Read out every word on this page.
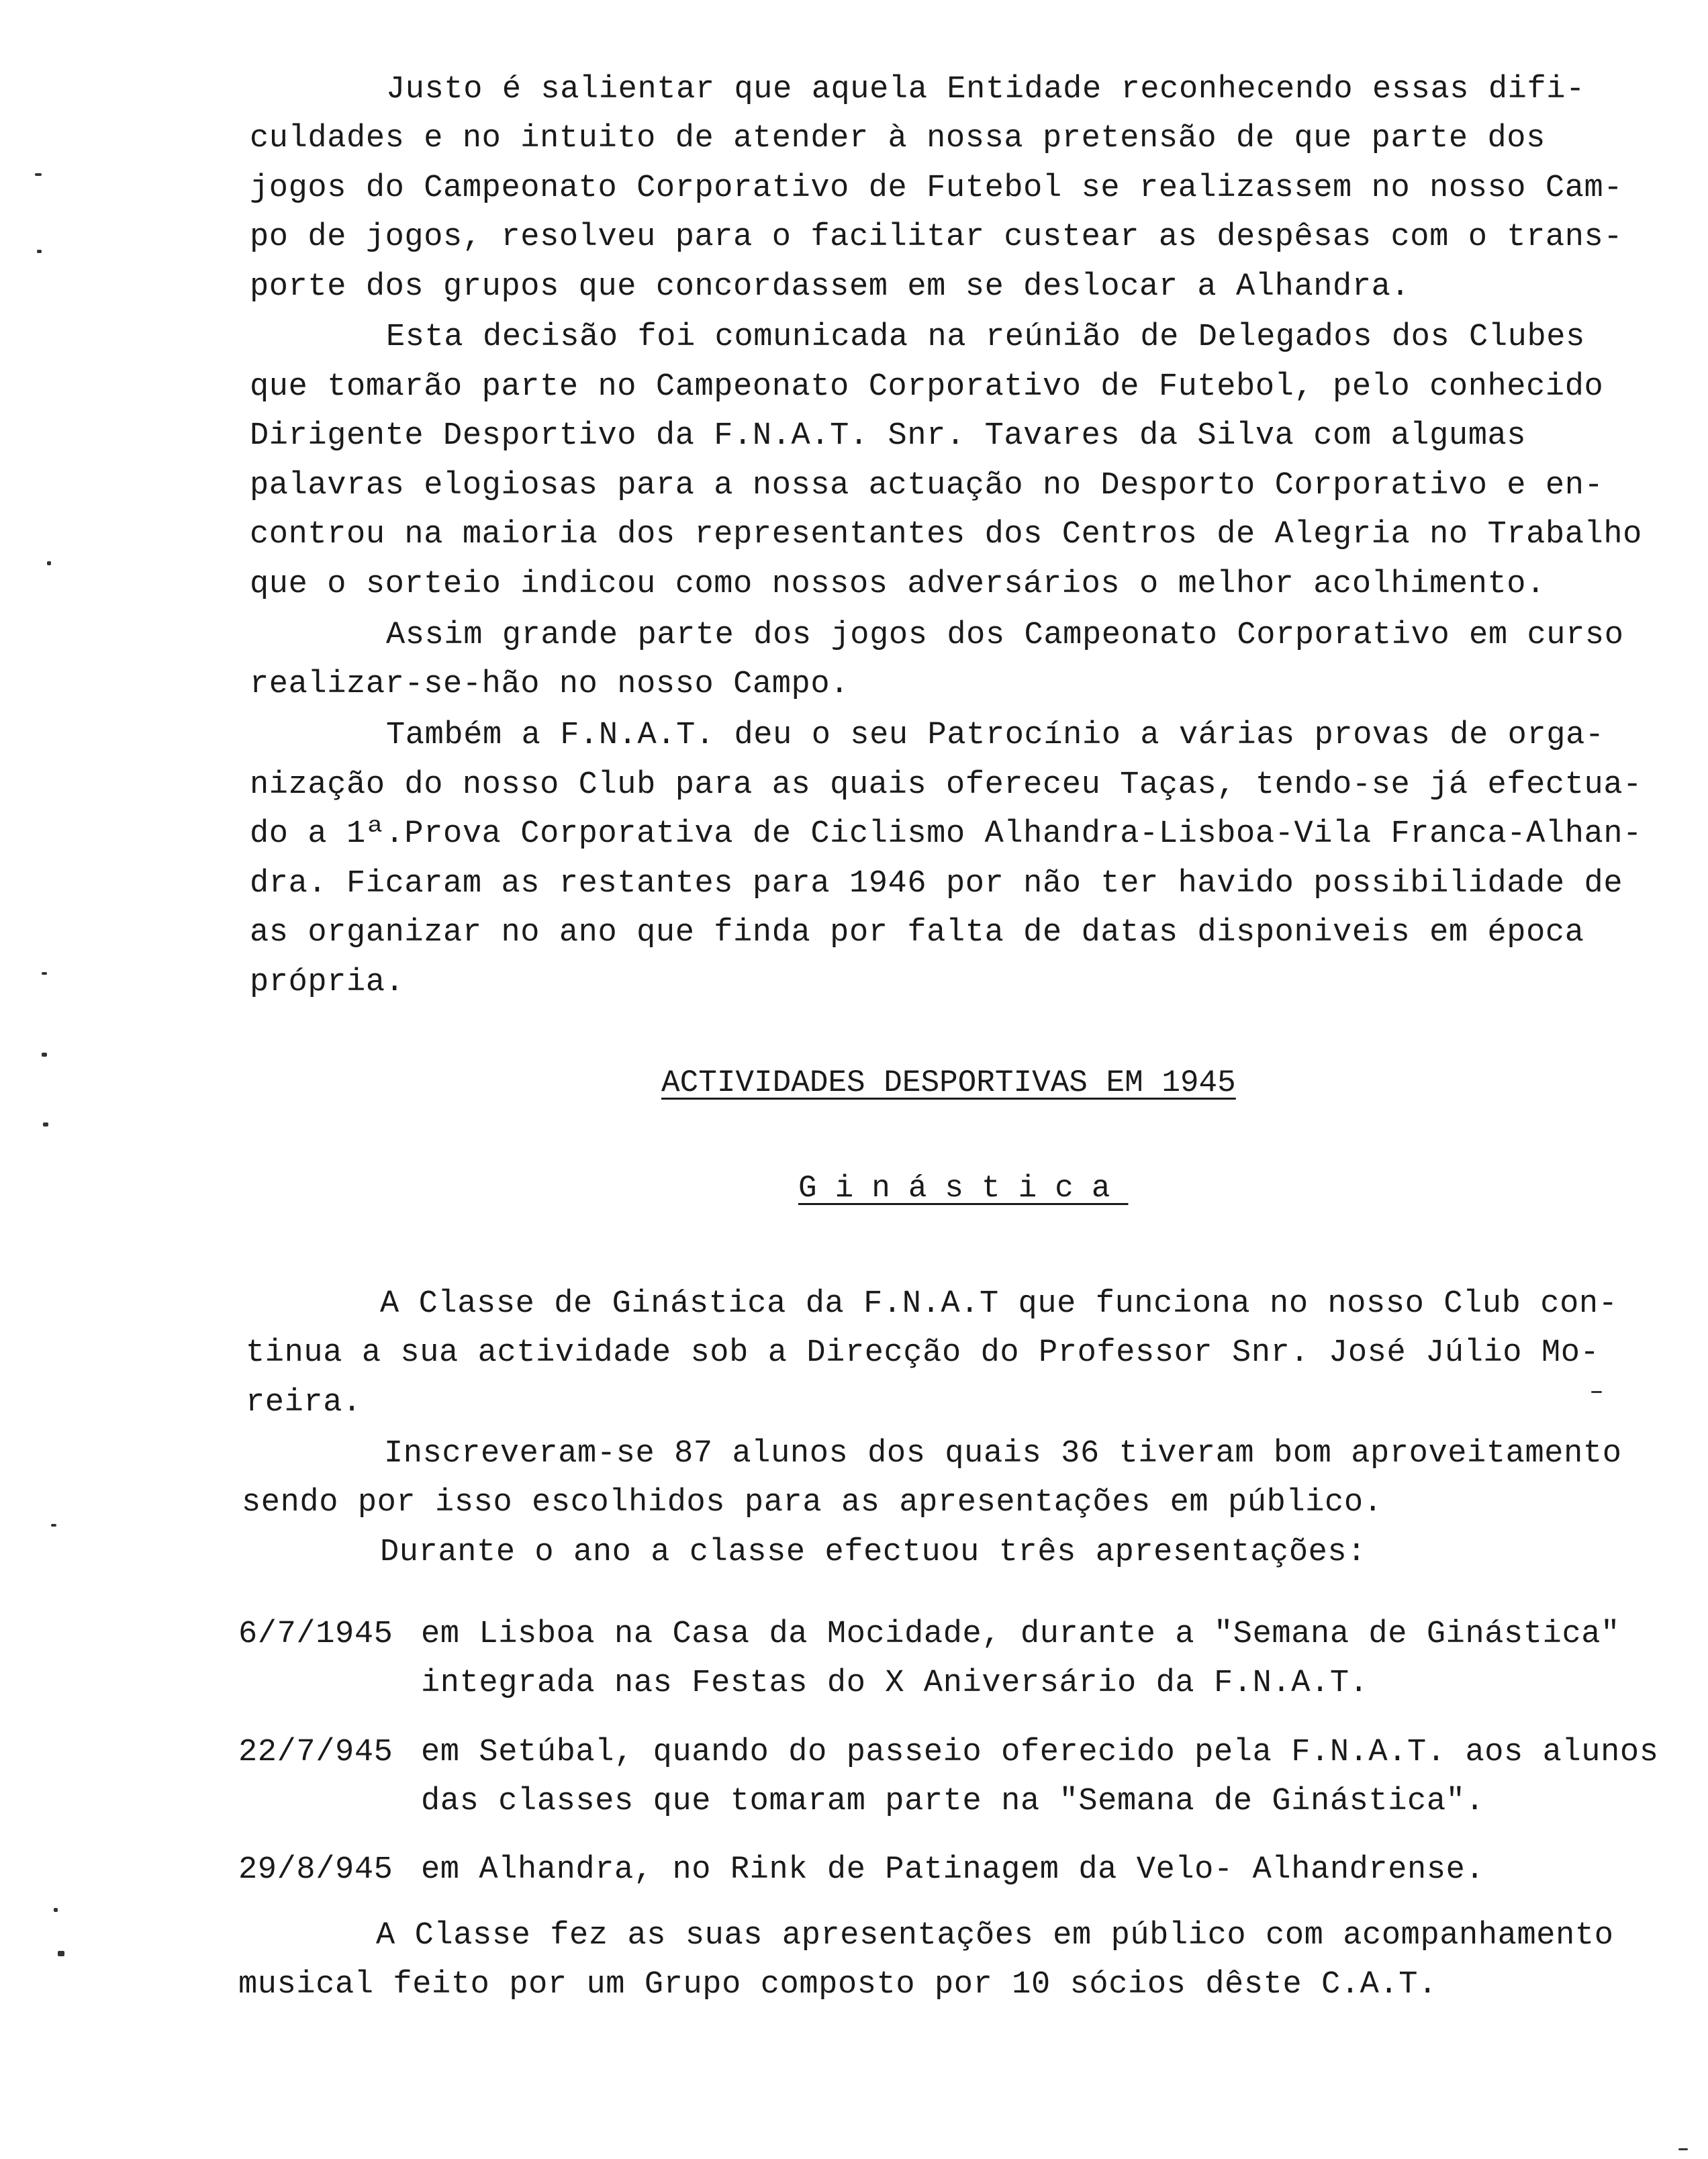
Justo é salientar que aquela Entidade reconhecendo essas difi-
culdades e no intuito de atender à nossa pretensão de que parte dos
jogos do Campeonato Corporativo de Futebol se realizassem no nosso Cam-
po de jogos, resolveu para o facilitar custear as despêsas com o trans-
porte dos grupos que concordassem em se deslocar a Alhandra.
Esta decisão foi comunicada na reúnião de Delegados dos Clubes
que tomarão parte no Campeonato Corporativo de Futebol, pelo conhecido
Dirigente Desportivo da F.N.A.T. Snr. Tavares da Silva com algumas
palavras elogiosas para a nossa actuação no Desporto Corporativo e en-
controu na maioria dos representantes dos Centros de Alegria no Trabalho
que o sorteio indicou como nossos adversários o melhor acolhimento.
Assim grande parte dos jogos dos Campeonato Corporativo em curso
realizar-se-hão no nosso Campo.
Também a F.N.A.T. deu o seu Patrocínio a várias provas de orga-
nização do nosso Club para as quais ofereceu Taças, tendo-se já efectua-
do a 1ª.Prova Corporativa de Ciclismo Alhandra-Lisboa-Vila Franca-Alhan-
dra. Ficaram as restantes para 1946 por não ter havido possibilidade de
as organizar no ano que finda por falta de datas disponiveis em época
própria.
ACTIVIDADES DESPORTIVAS EM 1945
Ginástica
A Classe de Ginástica da F.N.A.T que funciona no nosso Club con-
tinua a sua actividade sob a Direcção do Professor Snr. José Júlio Mo-
reira.
Inscreveram-se 87 alunos dos quais 36 tiveram bom aproveitamento
sendo por isso escolhidos para as apresentações em público.
Durante o ano a classe efectuou três apresentações:
6/7/1945 em Lisboa na Casa da Mocidade, durante a "Semana de Ginástica"
integrada nas Festas do X Aniversário da F.N.A.T.
22/7/945 em Setúbal, quando do passeio oferecido pela F.N.A.T. aos alunos
das classes que tomaram parte na "Semana de Ginástica".
29/8/945 em Alhandra, no Rink de Patinagem da Velo- Alhandrense.
A Classe fez as suas apresentações em público com acompanhamento
musical feito por um Grupo composto por 10 sócios dêste C.A.T.
